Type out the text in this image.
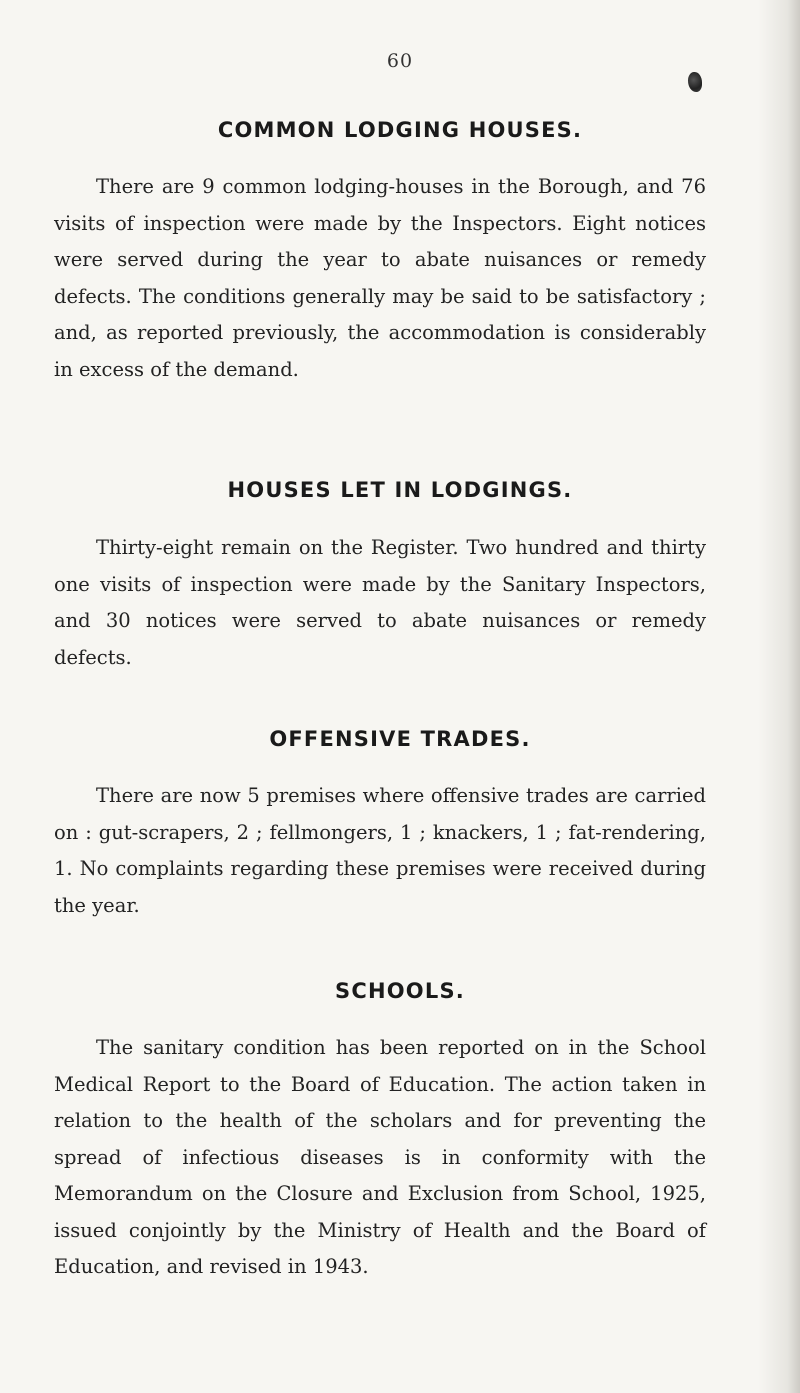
60
COMMON LODGING HOUSES.

There are 9 common lodging-houses in the Borough, and 76 visits of inspection were made by the Inspectors. Eight notices were served during the year to abate nuisances or remedy defects. The conditions generally may be said to be satisfactory ; and, as reported previously, the accommodation is considerably in excess of the demand.

HOUSES LET IN LODGINGS.

Thirty-eight remain on the Register. Two hundred and thirty one visits of inspection were made by the Sanitary Inspectors, and 30 notices were served to abate nuisances or remedy defects.

OFFENSIVE TRADES.

There are now 5 premises where offensive trades are carried on : gut-scrapers, 2 ; fellmongers, 1 ; knackers, 1 ; fat-rendering, 1. No complaints regarding these premises were received during the year.

SCHOOLS.

The sanitary condition has been reported on in the School Medical Report to the Board of Education. The action taken in relation to the health of the scholars and for preventing the spread of infectious diseases is in conformity with the Memorandum on the Closure and Exclusion from School, 1925, issued conjointly by the Ministry of Health and the Board of Education, and revised in 1943.
